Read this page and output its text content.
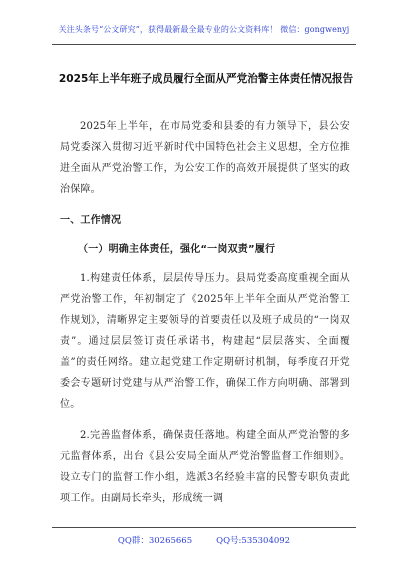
关注头条号“公文研究”，获得最新最全最专业的公文资料库！ 微信：gongwenyj
2025年上半年班子成员履行全面从严党治警主体责任情况报告

2025年上半年，在市局党委和县委的有力领导下，县公安局党委深入贯彻习近平新时代中国特色社会主义思想，全方位推进全面从严党治警工作，为公安工作的高效开展提供了坚实的政治保障。

一、工作情况

（一）明确主体责任，强化“一岗双责”履行

1.构建责任体系，层层传导压力。县局党委高度重视全面从严党治警工作，年初制定了《2025年上半年全面从严党治警工作规划》，清晰界定主要领导的首要责任以及班子成员的“一岗双责”。通过层层签订责任承诺书，构建起“层层落实、全面覆盖”的责任网络。建立起党建工作定期研讨机制，每季度召开党委会专题研讨党建与从严治警工作，确保工作方向明确、部署到位。

2.完善监督体系，确保责任落地。构建全面从严党治警的多元监督体系，出台《县公安局全面从严党治警监督工作细则》。设立专门的监督工作小组，选派3名经验丰富的民警专职负责此项工作。由副局长牵头，形成统一调

QQ群：30265665	QQ号:535304092
